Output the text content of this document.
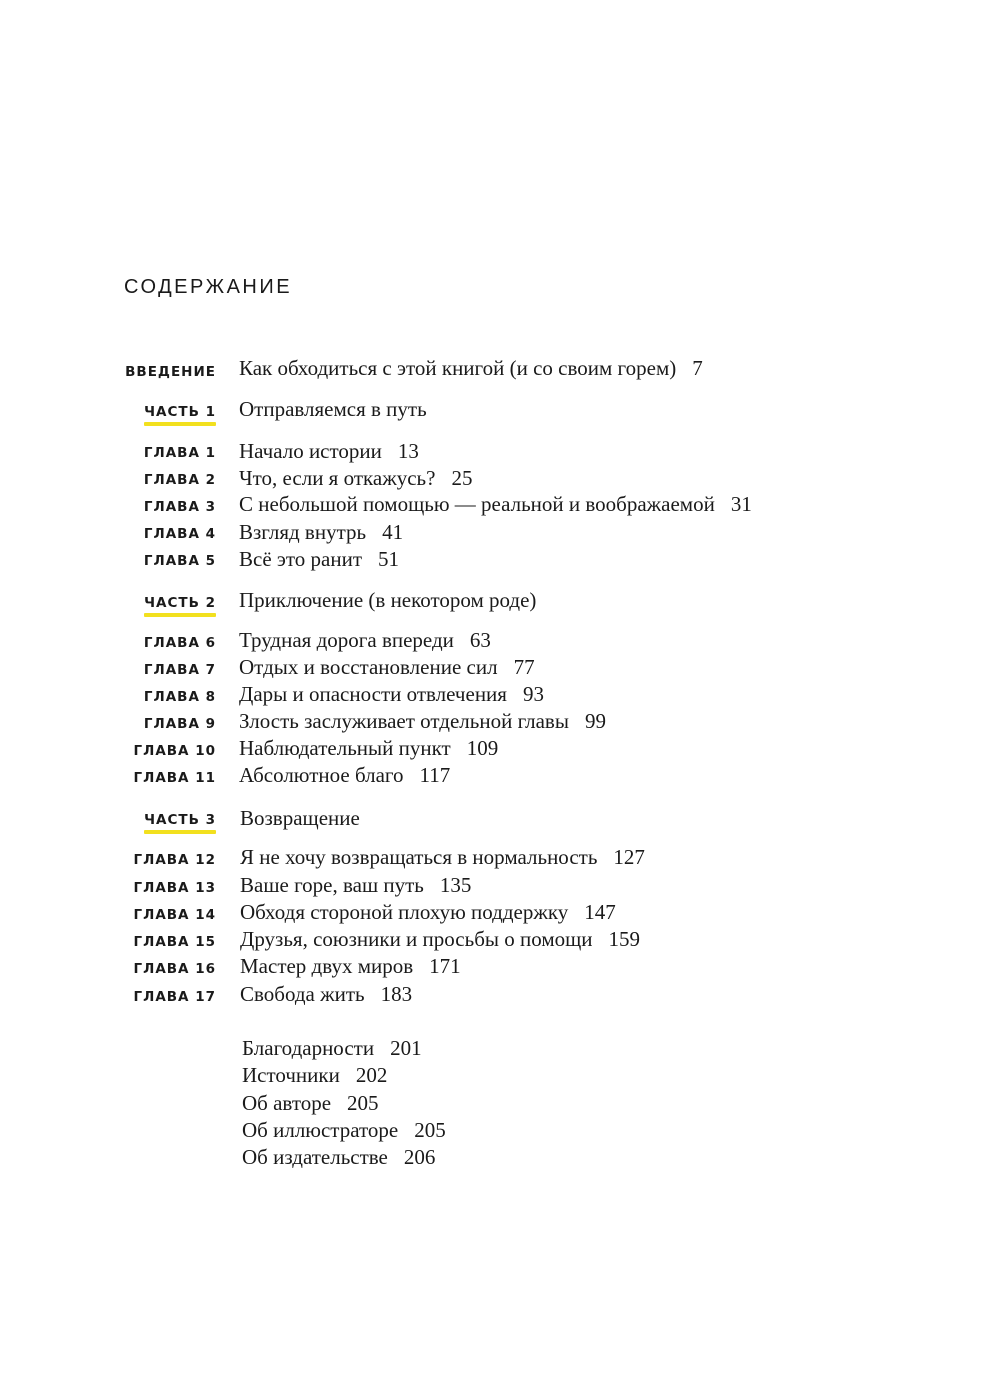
СОДЕРЖАНИЕ
ВВЕДЕНИЕ Как обходиться с этой книгой (и со своим горем) 7
ЧАСТЬ 1 Отправляемся в путь
ГЛАВА 1 Начало истории 13
ГЛАВА 2 Что, если я откажусь? 25
ГЛАВА 3 С небольшой помощью — реальной и воображаемой 31
ГЛАВА 4 Взгляд внутрь 41
ГЛАВА 5 Всё это ранит 51
ЧАСТЬ 2 Приключение (в некотором роде)
ГЛАВА 6 Трудная дорога впереди 63
ГЛАВА 7 Отдых и восстановление сил 77
ГЛАВА 8 Дары и опасности отвлечения 93
ГЛАВА 9 Злость заслуживает отдельной главы 99
ГЛАВА 10 Наблюдательный пункт 109
ГЛАВА 11 Абсолютное благо 117
ЧАСТЬ 3 Возвращение
ГЛАВА 12 Я не хочу возвращаться в нормальность 127
ГЛАВА 13 Ваше горе, ваш путь 135
ГЛАВА 14 Обходя стороной плохую поддержку 147
ГЛАВА 15 Друзья, союзники и просьбы о помощи 159
ГЛАВА 16 Мастер двух миров 171
ГЛАВА 17 Свобода жить 183
Благодарности 201
Источники 202
Об авторе 205
Об иллюстраторе 205
Об издательстве 206
